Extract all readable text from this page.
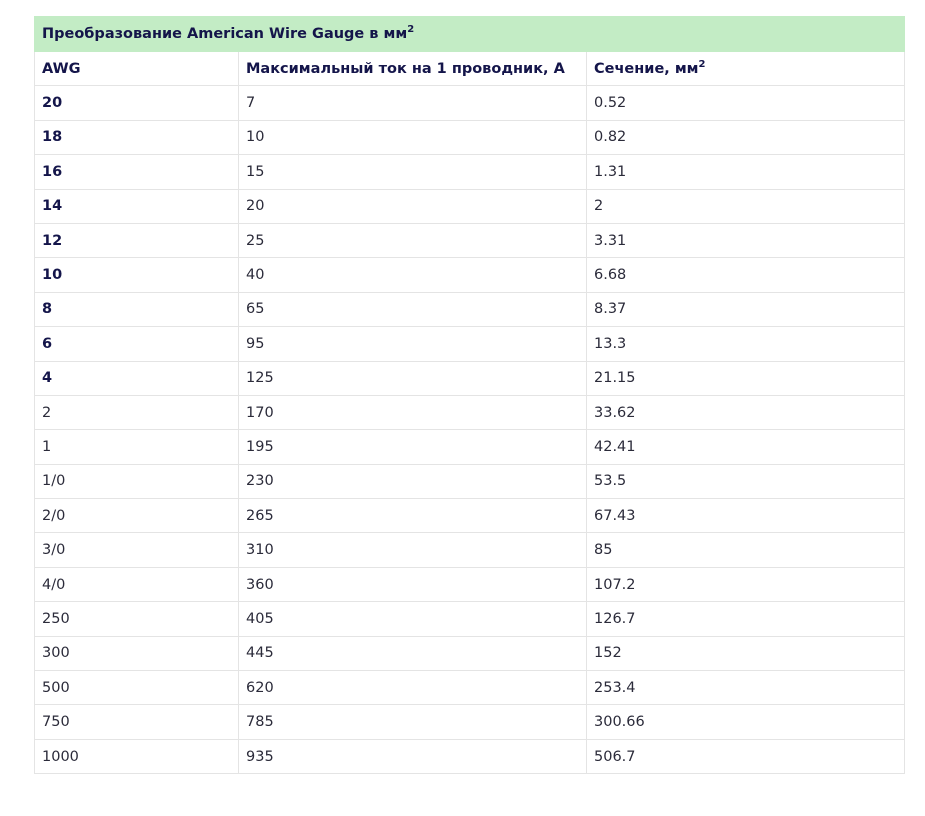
Преобразование American Wire Gauge в $мм^2$
AWG	Максимальный ток на 1 проводник, А	Сечение, $мм^2$
20	7	0.52
18	10	0.82
16	15	1.31
14	20	2
12	25	3.31
10	40	6.68
8	65	8.37
6	95	13.3
4	125	21.15
2	170	33.62
1	195	42.41
1/0	230	53.5
2/0	265	67.43
3/0	310	85
4/0	360	107.2
250	405	126.7
300	445	152
500	620	253.4
750	785	300.66
1000	935	506.7
